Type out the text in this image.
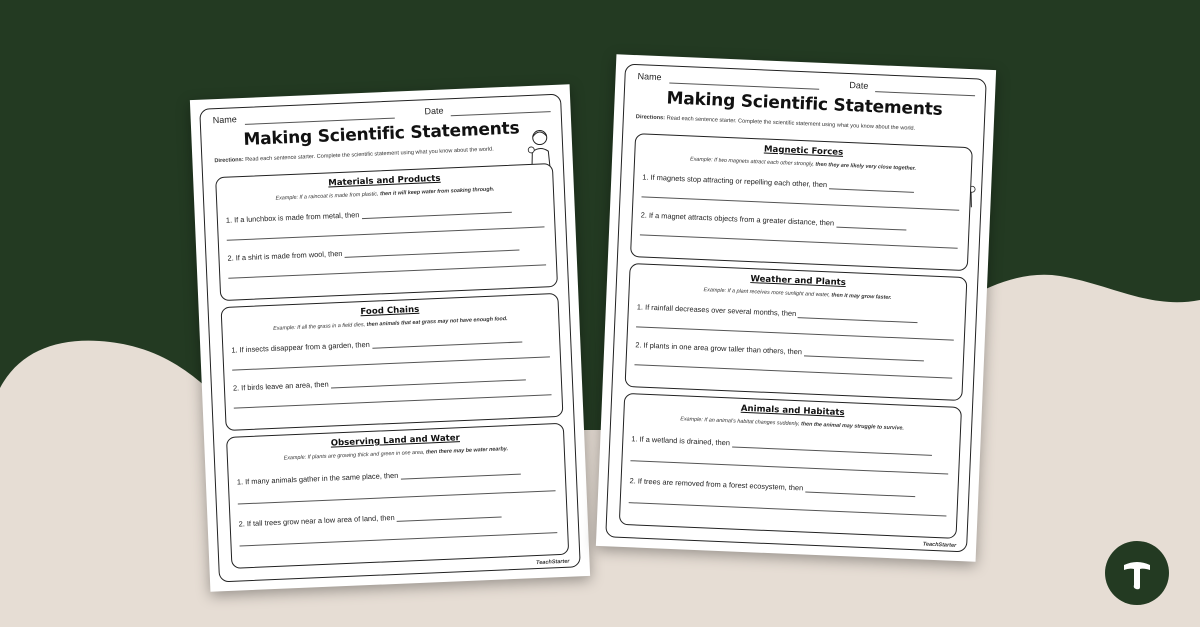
Name
Date
Making Scientific Statements
Directions: Read each sentence starter. Complete the scientific statement using what you know about the world.
Materials and Products
Example: If a raincoat is made from plastic, then it will keep water from soaking through.
1. If a lunchbox is made from metal, then
2. If a shirt is made from wool, then
Food Chains
Example: If all the grass in a field dies, then animals that eat grass may not have enough food.
1. If insects disappear from a garden, then
2. If birds leave an area, then
Observing Land and Water
Example: If plants are growing thick and green in one area, then there may be water nearby.
1. If many animals gather in the same place, then
2. If tall trees grow near a low area of land, then
TeachStarter
Name
Date
Making Scientific Statements
Directions: Read each sentence starter. Complete the scientific statement using what you know about the world.
Magnetic Forces
Example: If two magnets attract each other strongly, then they are likely very close together.
1. If magnets stop attracting or repelling each other, then
2. If a magnet attracts objects from a greater distance, then
Weather and Plants
Example: If a plant receives more sunlight and water, then it may grow faster.
1. If rainfall decreases over several months, then
2. If plants in one area grow taller than others, then
Animals and Habitats
Example: If an animal's habitat changes suddenly, then the animal may struggle to survive.
1. If a wetland is drained, then
2. If trees are removed from a forest ecosystem, then
TeachStarter
